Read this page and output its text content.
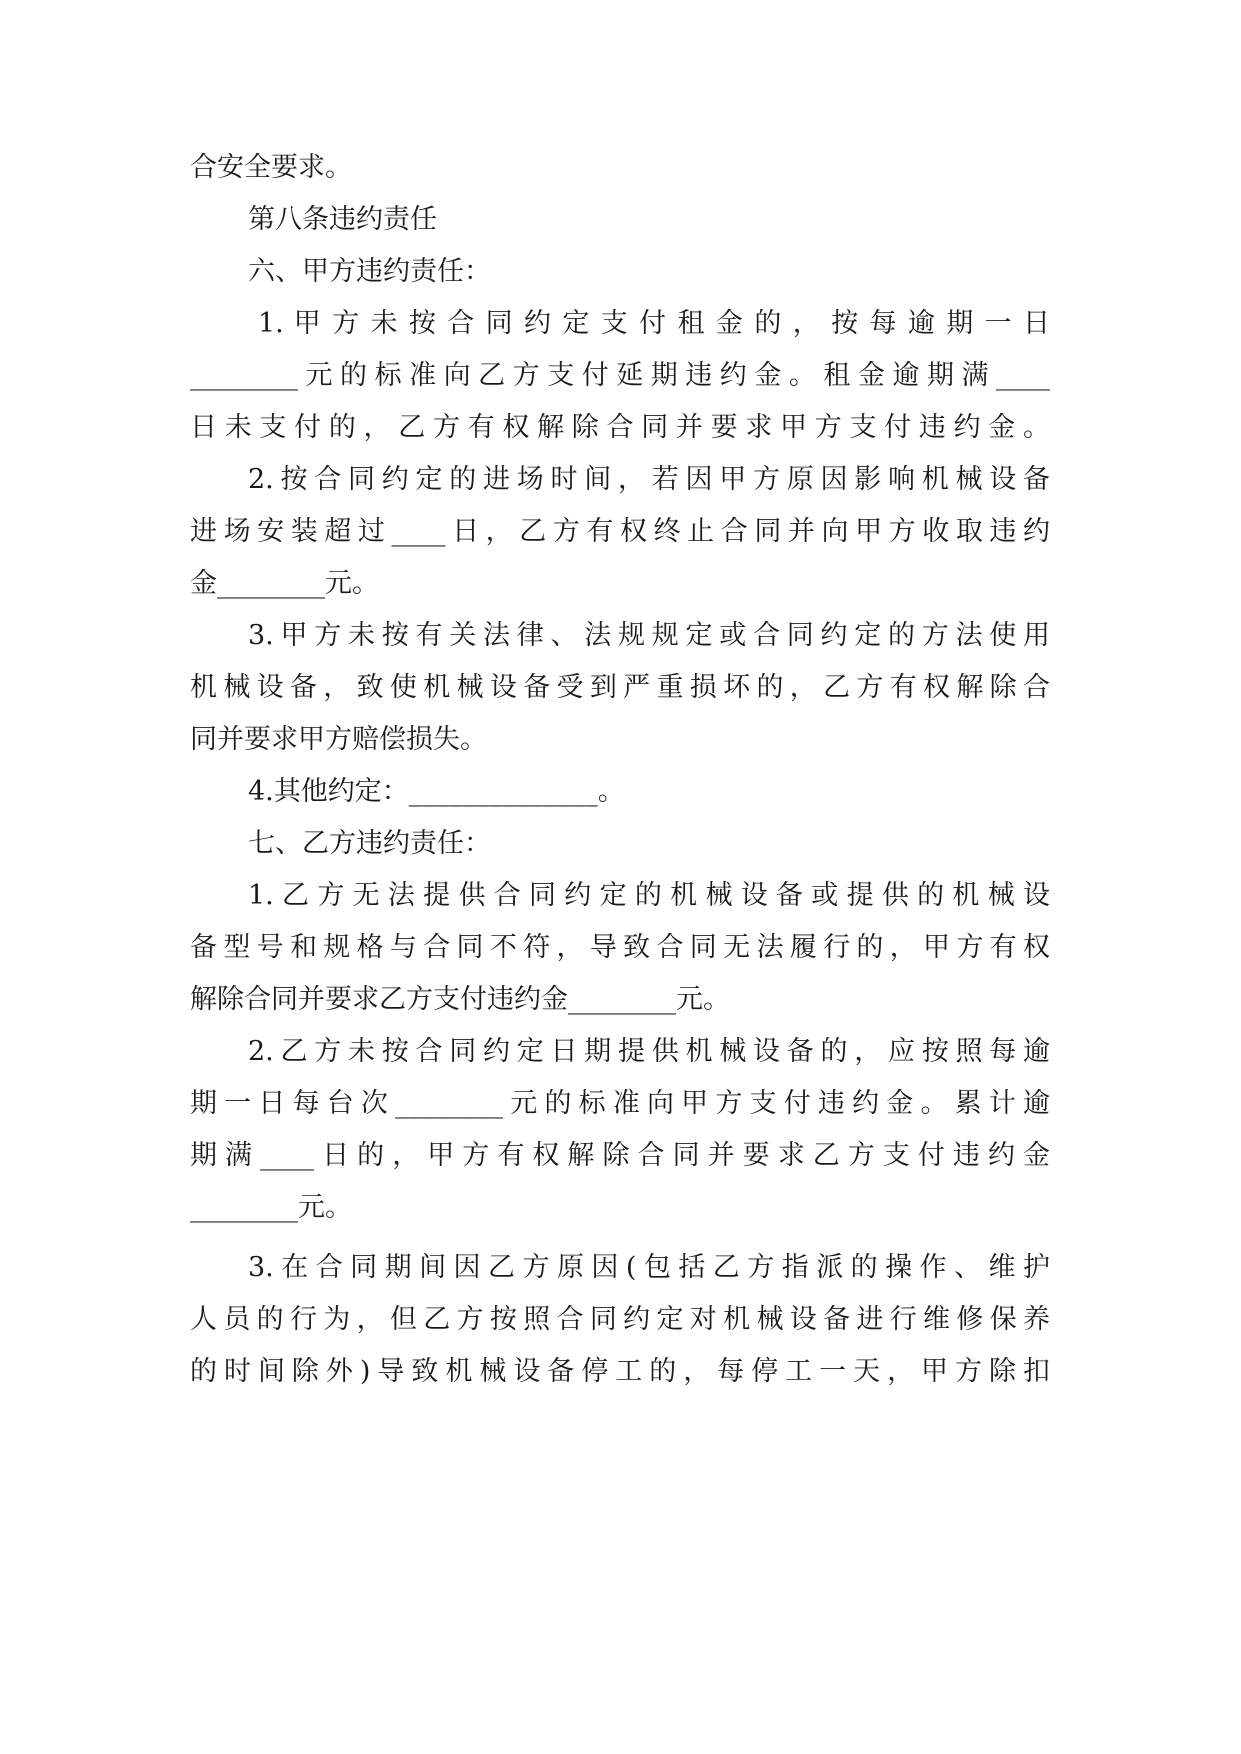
合安全要求。
第八条违约责任
六、甲方违约责任：
1. 甲 方 未 按 合 同 约 定 支 付 租 金 的 ， 按 每 逾 期 一 日
________元的标准向乙方支付延期违约金。租金逾期满____
日未支付的，乙方有权解除合同并要求甲方支付违约金。
2.按合同约定的进场时间，若因甲方原因影响机械设备
进场安装超过____日，乙方有权终止合同并向甲方收取违约
金________元。
3.甲方未按有关法律、法规规定或合同约定的方法使用
机械设备，致使机械设备受到严重损坏的，乙方有权解除合
同并要求甲方赔偿损失。
4.其他约定：______________。
七、乙方违约责任：
1.乙方无法提供合同约定的机械设备或提供的机械设
备型号和规格与合同不符，导致合同无法履行的，甲方有权
解除合同并要求乙方支付违约金________元。
2.乙方未按合同约定日期提供机械设备的，应按照每逾
期一日每台次________元的标准向甲方支付违约金。累计逾
期满____日的，甲方有权解除合同并要求乙方支付违约金
________元。
3.在合同期间因乙方原因(包括乙方指派的操作、维护
人员的行为，但乙方按照合同约定对机械设备进行维修保养
的时间除外)导致机械设备停工的，每停工一天，甲方除扣
